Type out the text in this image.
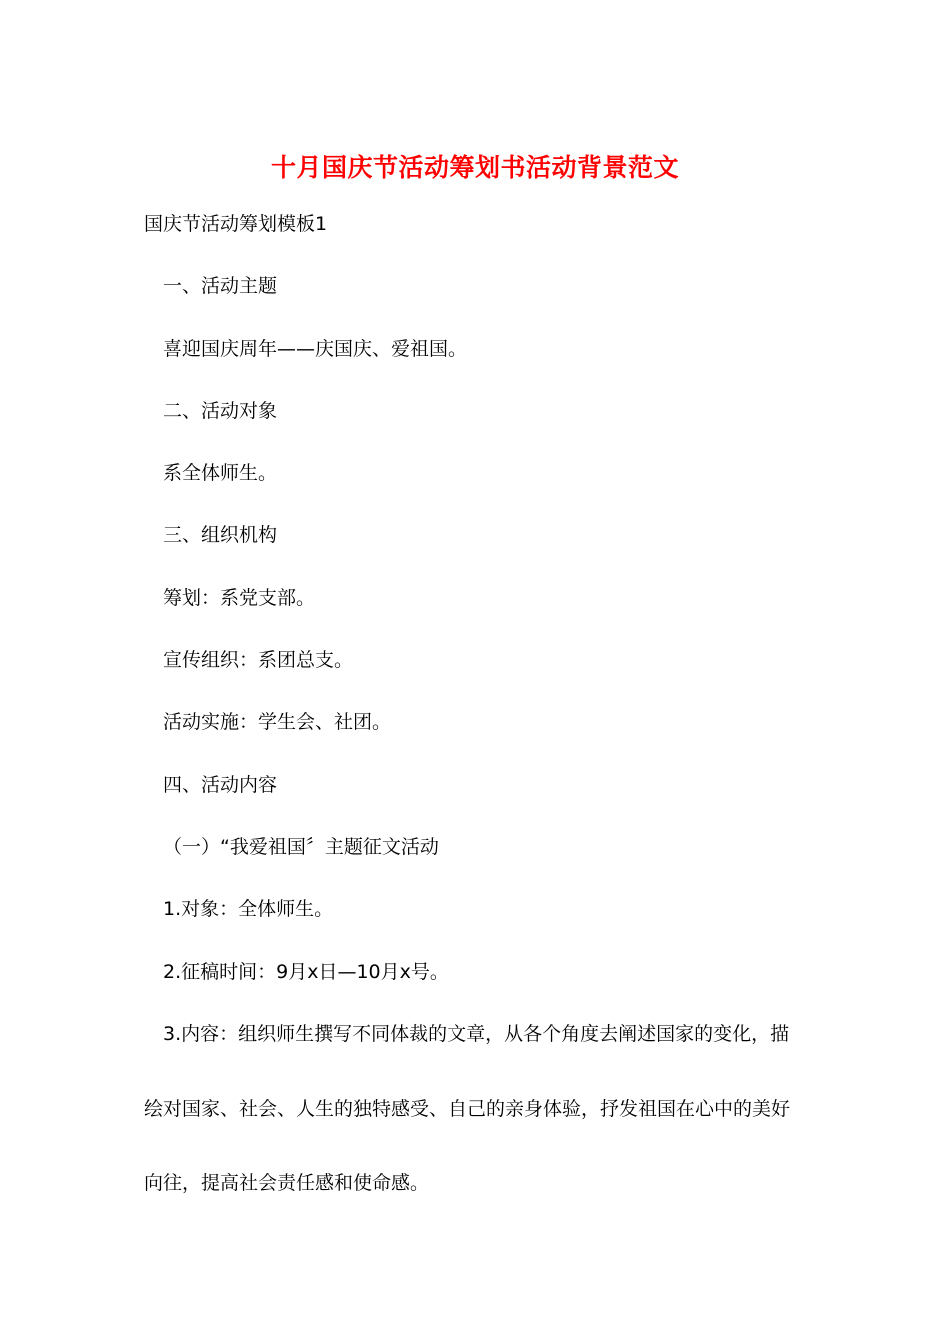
十月国庆节活动筹划书活动背景范文
国庆节活动筹划模板1
一、活动主题
喜迎国庆周年——庆国庆、爱祖国。
二、活动对象
系全体师生。
三、组织机构
筹划：系党支部。
宣传组织：系团总支。
活动实施：学生会、社团。
四、活动内容
（一）“我爱祖国〞主题征文活动
1.对象：全体师生。
2.征稿时间：9月x日—10月x号。
3.内容：组织师生撰写不同体裁的文章，从各个角度去阐述国家的变化，描
绘对国家、社会、人生的独特感受、自己的亲身体验，抒发祖国在心中的美好
向往，提高社会责任感和使命感。
